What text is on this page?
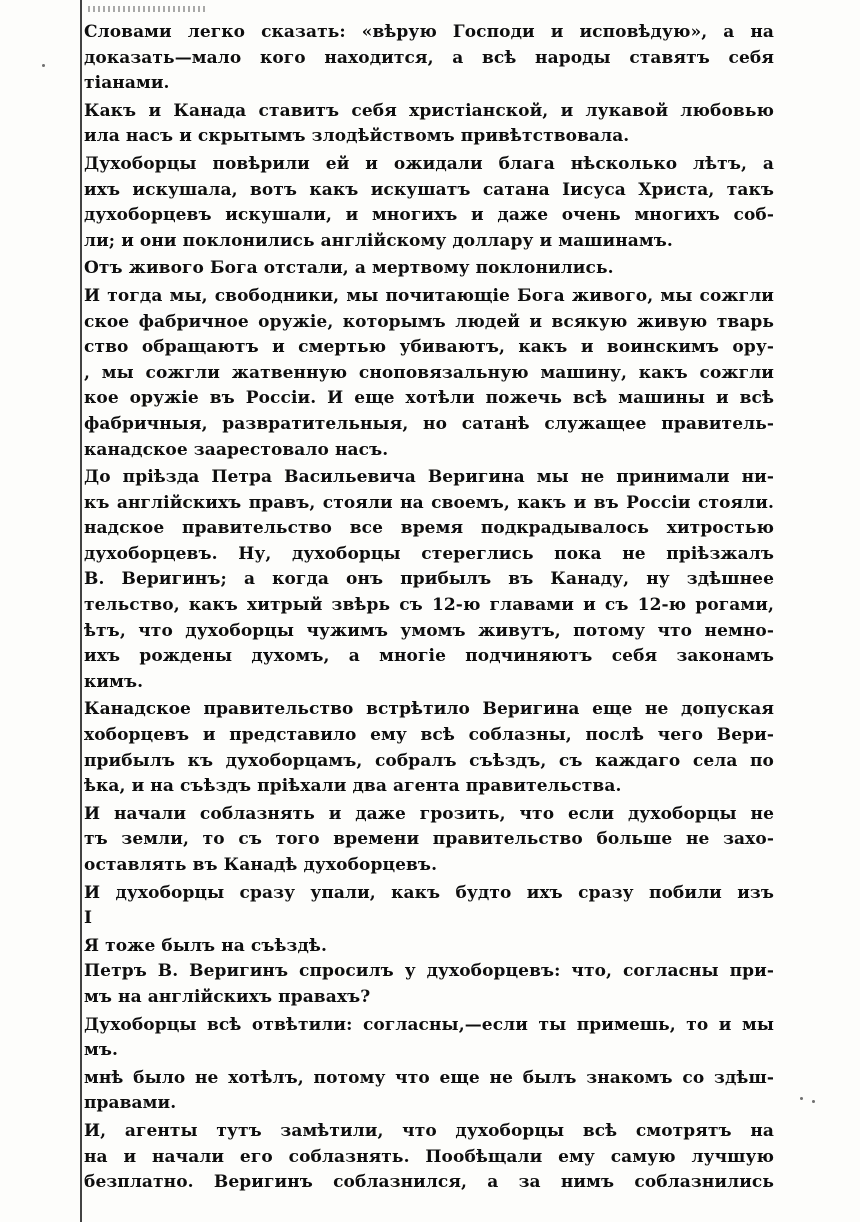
Словами легко сказать: «вѣрую Господи и исповѣдую», а на
доказать—мало кого находится, а всѣ народы ставятъ себя
тіанами.
Какъ и Канада ставитъ себя христіанской, и лукавой любовью
ила насъ и скрытымъ злодѣйствомъ привѣтствовала.
Духоборцы повѣрили ей и ожидали блага нѣсколько лѣтъ, а
ихъ искушала, вотъ какъ искушатъ сатана Іисуса Христа, такъ
духоборцевъ искушали, и многихъ и даже очень многихъ соб-
ли; и они поклонились англійскому доллару и машинамъ.
Отъ живого Бога отстали, а мертвому поклонились.
И тогда мы, свободники, мы почитающіе Бога живого, мы сожгли
ское фабричное оружіе, которымъ людей и всякую живую тварь
ство обращаютъ и смертью убиваютъ, какъ и воинскимъ ору-
, мы сожгли жатвенную сноповязальную машину, какъ сожгли
кое оружіе въ Россіи. И еще хотѣли пожечь всѣ машины и всѣ
фабричныя, развратительныя, но сатанѣ служащее правитель-
канадское заарестовало насъ.
До пріѣзда Петра Васильевича Веригина мы не принимали ни-
къ англійскихъ правъ, стояли на своемъ, какъ и въ Россіи стояли.
надское правительство все время подкрадывалось хитростью
духоборцевъ. Ну, духоборцы стереглись пока не пріѣзжалъ
В. Веригинъ; а когда онъ прибылъ въ Канаду, ну здѣшнее
тельство, какъ хитрый звѣрь съ 12-ю главами и съ 12-ю рогами,
ѣтъ, что духоборцы чужимъ умомъ живутъ, потому что немно-
ихъ рождены духомъ, а многіе подчиняютъ себя законамъ
кимъ.
Канадское правительство встрѣтило Веригина еще не допуская
хоборцевъ и представило ему всѣ соблазны, послѣ чего Вери-
прибылъ къ духоборцамъ, собралъ съѣздъ, съ каждаго села по
ѣка, и на съѣздъ пріѣхали два агента правительства.
И начали соблазнять и даже грозить, что если духоборцы не
тъ земли, то съ того времени правительство больше не захо-
оставлять въ Канадѣ духоборцевъ.
И духоборцы сразу упали, какъ будто ихъ сразу побили изъ
І
Я тоже былъ на съѣздѣ.
Петръ В. Веригинъ спросилъ у духоборцевъ: что, согласны при-
мъ на англійскихъ правахъ?
Духоборцы всѣ отвѣтили: согласны,—если ты примешь, то и мы
мъ.
мнѣ было не хотѣлъ, потому что еще не былъ знакомъ со здѣш-
правами.
И, агенты тутъ замѣтили, что духоборцы всѣ смотрятъ на
на и начали его соблазнять. Пообѣщали ему самую лучшую
безплатно. Веригинъ соблазнился, а за нимъ соблазнились
